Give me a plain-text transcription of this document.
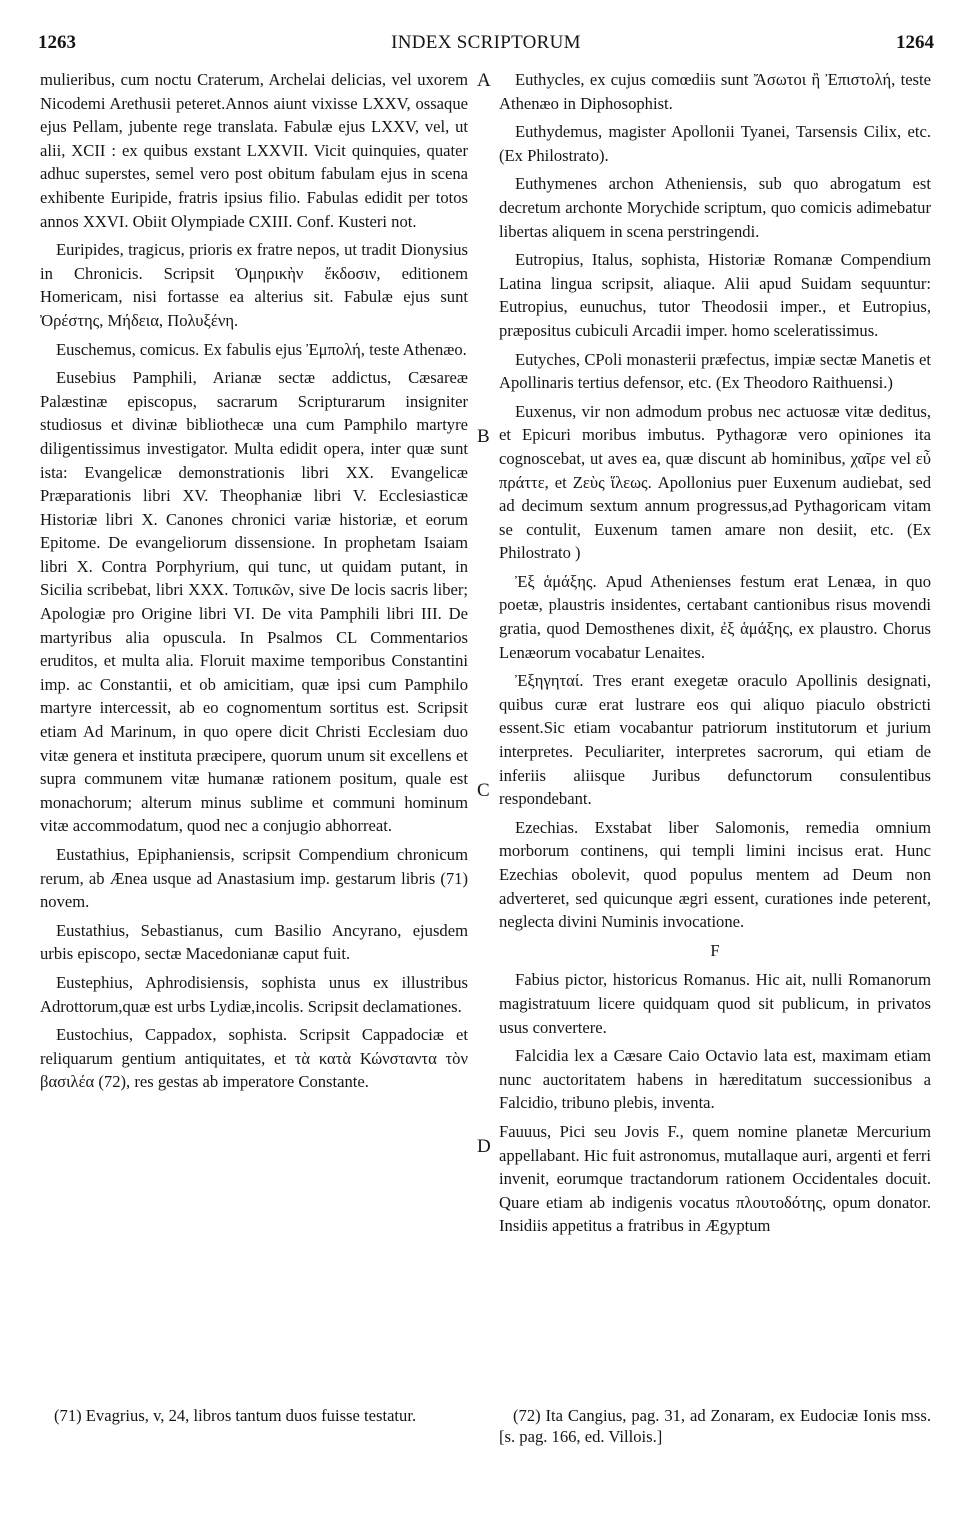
1263	INDEX SCRIPTORUM	1264

mulieribus, cum noctu Craterum, Archelai delicias, vel uxorem Nicodemi Arethusii peteret.Annos aiunt vixisse LXXV, ossaque ejus Pellam, jubente rege translata. Fabulæ ejus LXXV, vel, ut alii, XCII : ex quibus exstant LXXVII. Vicit quinquies, quater adhuc superstes, semel vero post obitum fabulam ejus in scena exhibente Euripide, fratris ipsius filio. Fabulas edidit per totos annos XXVI. Obiit Olympiade CXIII. Conf. Kusteri not.

Euripides, tragicus, prioris ex fratre nepos, ut tradit Dionysius in Chronicis. Scripsit Ὁμηρικὴν ἔκδοσιν, editionem Homericam, nisi fortasse ea alterius sit. Fabulæ ejus sunt Ὀρέστης, Μήδεια, Πολυξένη.

Euschemus, comicus. Ex fabulis ejus Ἐμπολή, teste Athenæo.

Eusebius Pamphili, Arianæ sectæ addictus, Cæsareæ Palæstinæ episcopus, sacrarum Scripturarum insigniter studiosus et divinæ bibliothecæ una cum Pamphilo martyre diligentissimus investigator. Multa edidit opera, inter quæ sunt ista: Evangelicæ demonstrationis libri XX. Evangelicæ Præparationis libri XV. Theophaniæ libri V. Ecclesiasticæ Historiæ libri X. Canones chronici variæ historiæ, et eorum Epitome. De evangeliorum dissensione. In prophetam Isaiam libri X. Contra Porphyrium, qui tunc, ut quidam putant, in Sicilia scribebat, libri XXX. Τοπικῶν, sive De locis sacris liber; Apologiæ pro Origine libri VI. De vita Pamphili libri III. De martyribus alia opuscula. In Psalmos CL Commentarios eruditos, et multa alia. Floruit maxime temporibus Constantini imp. ac Constantii, et ob amicitiam, quæ ipsi cum Pamphilo martyre intercessit, ab eo cognomentum sortitus est. Scripsit etiam Ad Marinum, in quo opere dicit Christi Ecclesiam duo vitæ genera et instituta præcipere, quorum unum sit excellens et supra communem vitæ humanæ rationem positum, quale est monachorum; alterum minus sublime et communi hominum vitæ accommodatum, quod nec a conjugio abhorreat.

Eustathius, Epiphaniensis, scripsit Compendium chronicum rerum, ab Ænea usque ad Anastasium imp. gestarum libris (71) novem.

Eustathius, Sebastianus, cum Basilio Ancyrano, ejusdem urbis episcopo, sectæ Macedonianæ caput fuit.

Eustephius, Aphrodisiensis, sophista unus ex illustribus Adrottorum,quæ est urbs Lydiæ,incolis. Scripsit declamationes.

Eustochius, Cappadox, sophista. Scripsit Cappadociæ et reliquarum gentium antiquitates, et τὰ κατὰ Κώνσταντα τὸν βασιλέα (72), res gestas ab imperatore Constante.

Euthycles, ex cujus comœdiis sunt Ἄσωτοι ἢ Ἐπιστολή, teste Athenæo in Diphosophist.

Euthydemus, magister Apollonii Tyanei, Tarsensis Cilix, etc. (Ex Philostrato).

Euthymenes archon Atheniensis, sub quo abrogatum est decretum archonte Morychide scriptum, quo comicis adimebatur libertas aliquem in scena perstringendi.

Eutropius, Italus, sophista, Historiæ Romanæ Compendium Latina lingua scripsit, aliaque. Alii apud Suidam sequuntur: Eutropius, eunuchus, tutor Theodosii imper., et Eutropius, præpositus cubiculi Arcadii imper. homo sceleratissimus.

Eutyches, CPoli monasterii præfectus, impiæ sectæ Manetis et Apollinaris tertius defensor, etc. (Ex Theodoro Raithuensi.)

Euxenus, vir non admodum probus nec actuosæ vitæ deditus, et Epicuri moribus imbutus. Pythagoræ vero opiniones ita cognoscebat, ut aves ea, quæ discunt ab hominibus, χαῖρε vel εὖ πράττε, et Ζεὺς ἵλεως. Apollonius puer Euxenum audiebat, sed ad decimum sextum annum progressus,ad Pythagoricam vitam se contulit, Euxenum tamen amare non desiit, etc. (Ex Philostrato )

Ἐξ ἁμάξης. Apud Athenienses festum erat Lenæa, in quo poetæ, plaustris insidentes, certabant cantionibus risus movendi gratia, quod Demosthenes dixit, ἐξ ἁμάξης, ex plaustro. Chorus Lenæorum vocabatur Lenaites.

Ἐξηγηταί. Tres erant exegetæ oraculo Apollinis designati, quibus curæ erat lustrare eos qui aliquo piaculo obstricti essent.Sic etiam vocabantur patriorum institutorum et jurium interpretes. Peculiariter, interpretes sacrorum, qui etiam de inferiis aliisque Juribus defunctorum consulentibus respondebant.

Ezechias. Exstabat liber Salomonis, remedia omnium morborum continens, qui templi limini incisus erat. Hunc Ezechias obolevit, quod populus mentem ad Deum non adverteret, sed quicunque ægri essent, curationes inde peterent, neglecta divini Numinis invocatione.

F

Fabius pictor, historicus Romanus. Hic ait, nulli Romanorum magistratuum licere quidquam quod sit publicum, in privatos usus convertere.

Falcidia lex a Cæsare Caio Octavio lata est, maximam etiam nunc auctoritatem habens in hæreditatum successionibus a Falcidio, tribuno plebis, inventa.

Fauuus, Pici seu Jovis F., quem nomine planetæ Mercurium appellabant. Hic fuit astronomus, mutallaque auri, argenti et ferri invenit, eorumque tractandorum rationem Occidentales docuit. Quare etiam ab indigenis vocatus πλουτοδότης, opum donator. Insidiis appetitus a fratribus in Ægyptum

A
B
C
D

(71) Evagrius, v, 24, libros tantum duos fuisse testatur.	(72) Ita Cangius, pag. 31, ad Zonaram, ex Eudociæ Ionis mss. [s. pag. 166, ed. Villois.]
